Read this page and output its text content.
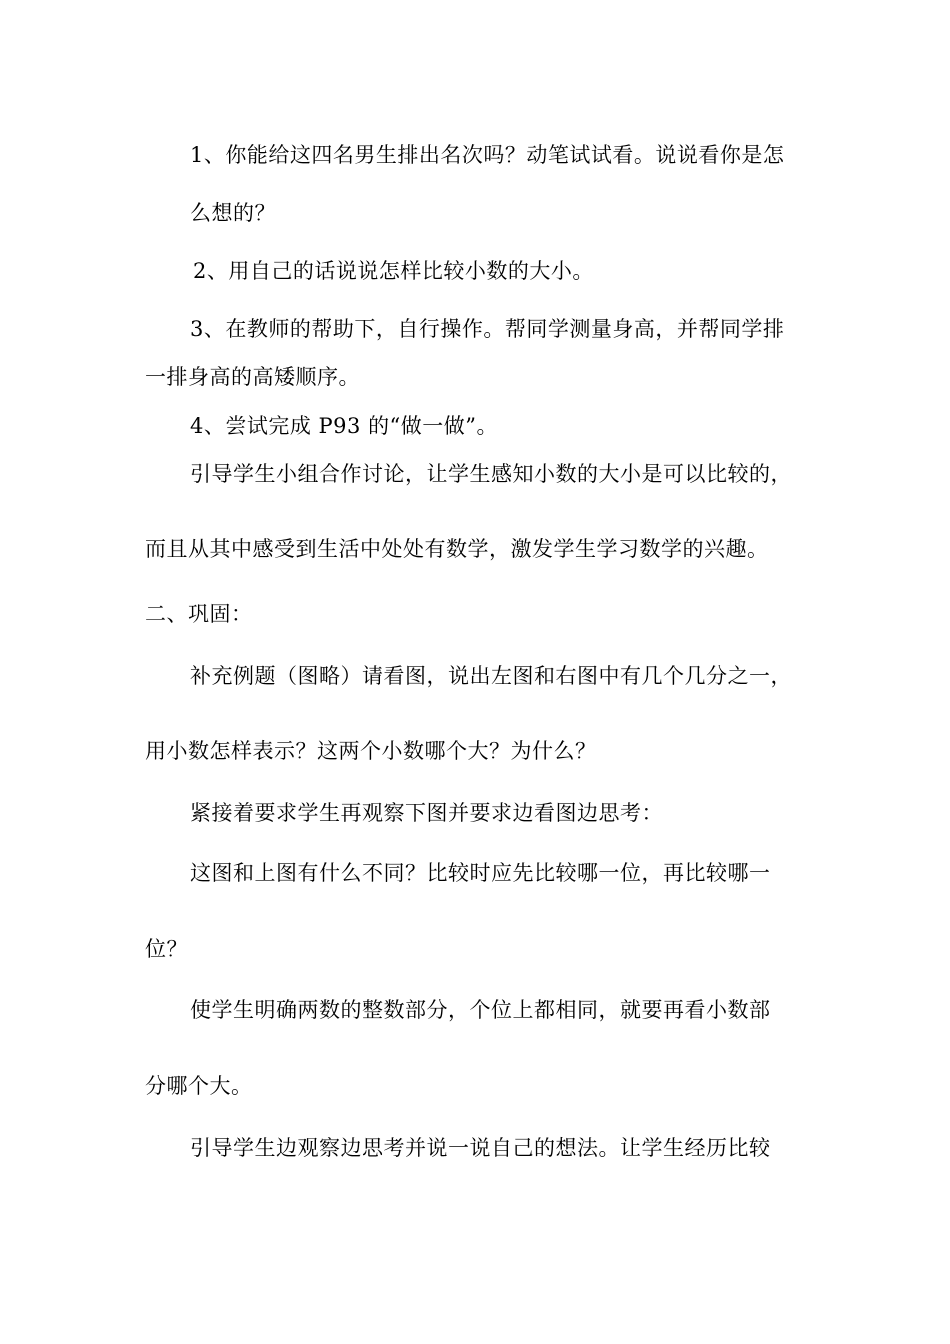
1、你能给这四名男生排出名次吗？动笔试试看。说说看你是怎
么想的？
2、用自己的话说说怎样比较小数的大小。
3、在教师的帮助下，自行操作。帮同学测量身高，并帮同学排
一排身高的高矮顺序。
4、尝试完成 P93 的“做一做”。
引导学生小组合作讨论，让学生感知小数的大小是可以比较的，
而且从其中感受到生活中处处有数学，激发学生学习数学的兴趣。
二、巩固：
补充例题（图略）请看图，说出左图和右图中有几个几分之一，
用小数怎样表示？这两个小数哪个大？为什么？
紧接着要求学生再观察下图并要求边看图边思考：
这图和上图有什么不同？比较时应先比较哪一位，再比较哪一
位？
使学生明确两数的整数部分，个位上都相同，就要再看小数部
分哪个大。
引导学生边观察边思考并说一说自己的想法。让学生经历比较
